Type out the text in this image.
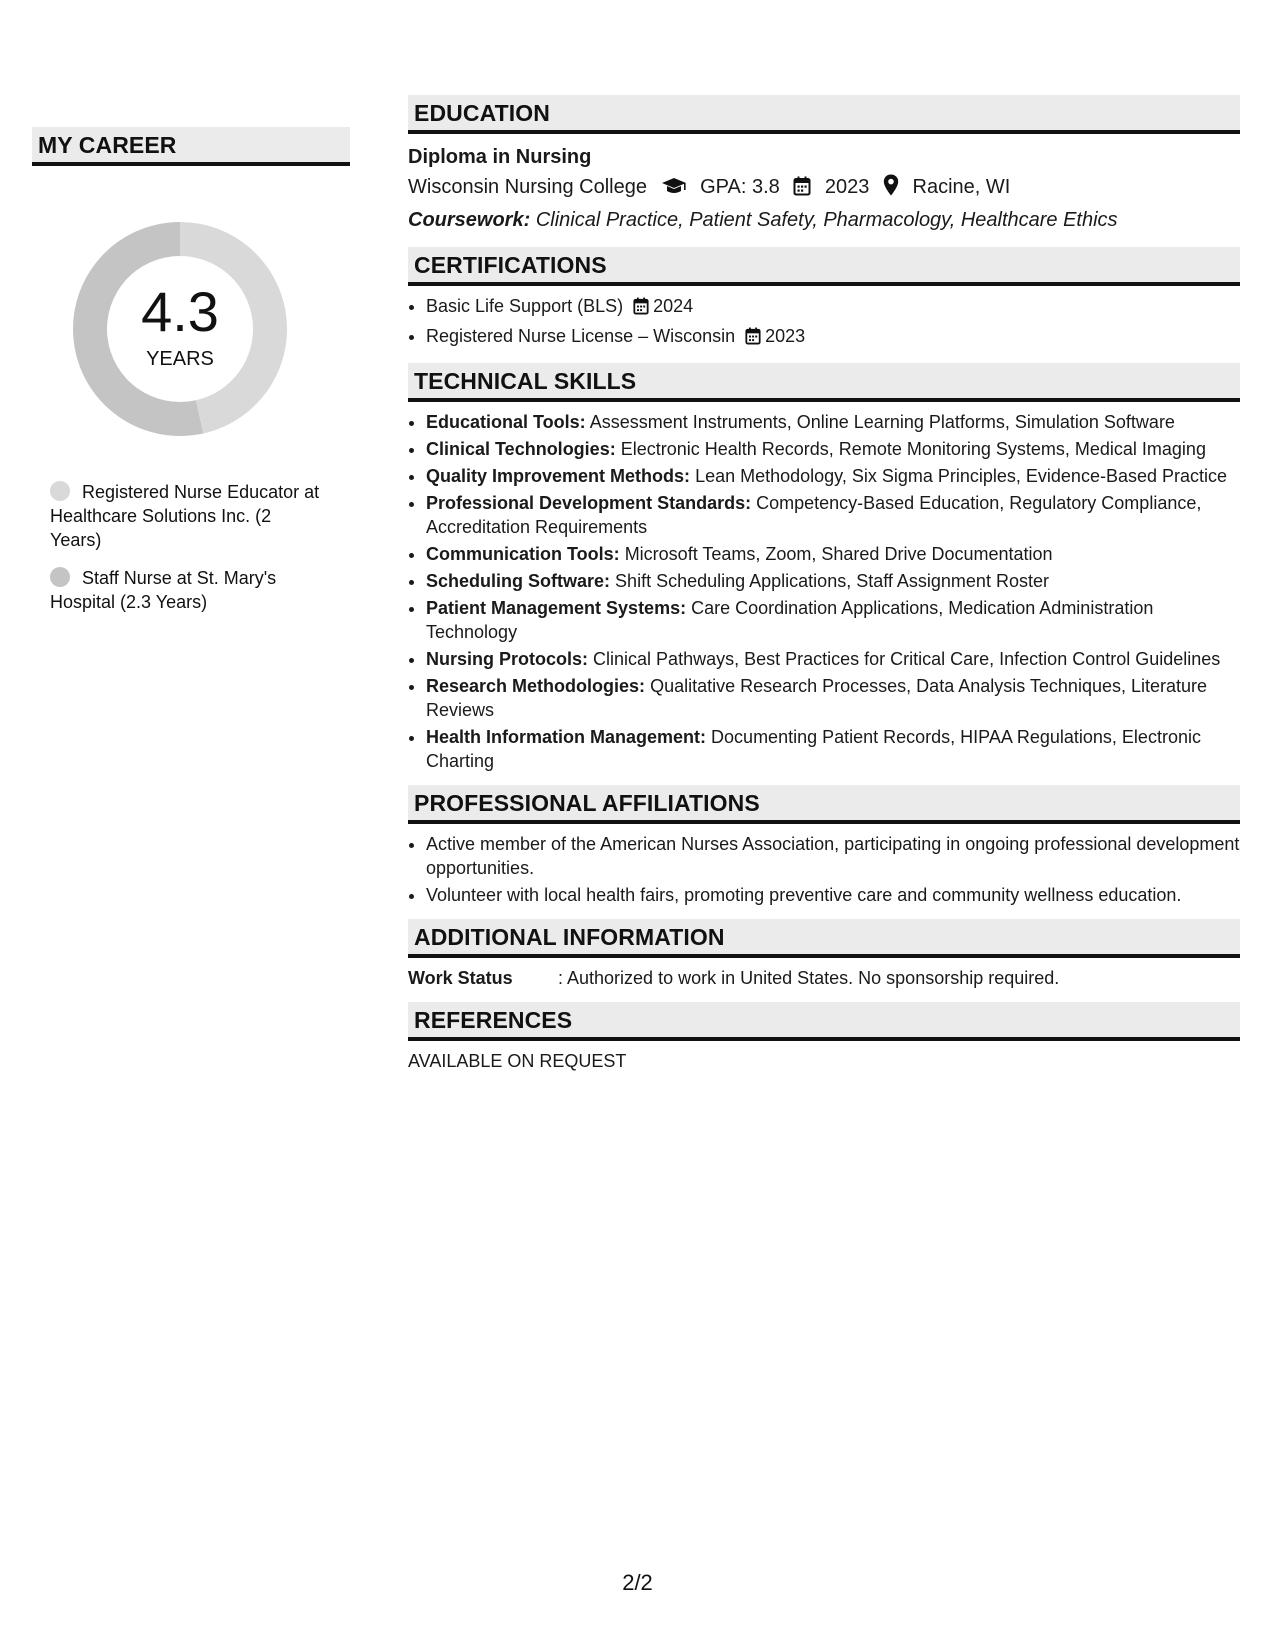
MY CAREER
4.3
YEARS
Registered Nurse Educator at Healthcare Solutions Inc. (2 Years)
Staff Nurse at St. Mary's Hospital (2.3 Years)
EDUCATION
Diploma in Nursing
Wisconsin Nursing College	GPA: 3.8 2023 Racine, WI
Coursework: Clinical Practice, Patient Safety, Pharmacology, Healthcare Ethics
CERTIFICATIONS
• Basic Life Support (BLS) 2024
• Registered Nurse License – Wisconsin 2023
TECHNICAL SKILLS
• Educational Tools: Assessment Instruments, Online Learning Platforms, Simulation Software
• Clinical Technologies: Electronic Health Records, Remote Monitoring Systems, Medical Imaging
• Quality Improvement Methods: Lean Methodology, Six Sigma Principles, Evidence-Based Practice
• Professional Development Standards: Competency-Based Education, Regulatory Compliance, Accreditation Requirements
• Communication Tools: Microsoft Teams, Zoom, Shared Drive Documentation
• Scheduling Software: Shift Scheduling Applications, Staff Assignment Roster
• Patient Management Systems: Care Coordination Applications, Medication Administration Technology
• Nursing Protocols: Clinical Pathways, Best Practices for Critical Care, Infection Control Guidelines
• Research Methodologies: Qualitative Research Processes, Data Analysis Techniques, Literature Reviews
• Health Information Management: Documenting Patient Records, HIPAA Regulations, Electronic Charting
PROFESSIONAL AFFILIATIONS
• Active member of the American Nurses Association, participating in ongoing professional development opportunities.
• Volunteer with local health fairs, promoting preventive care and community wellness education.
ADDITIONAL INFORMATION
Work Status	: Authorized to work in United States. No sponsorship required.
REFERENCES
AVAILABLE ON REQUEST
2/2
